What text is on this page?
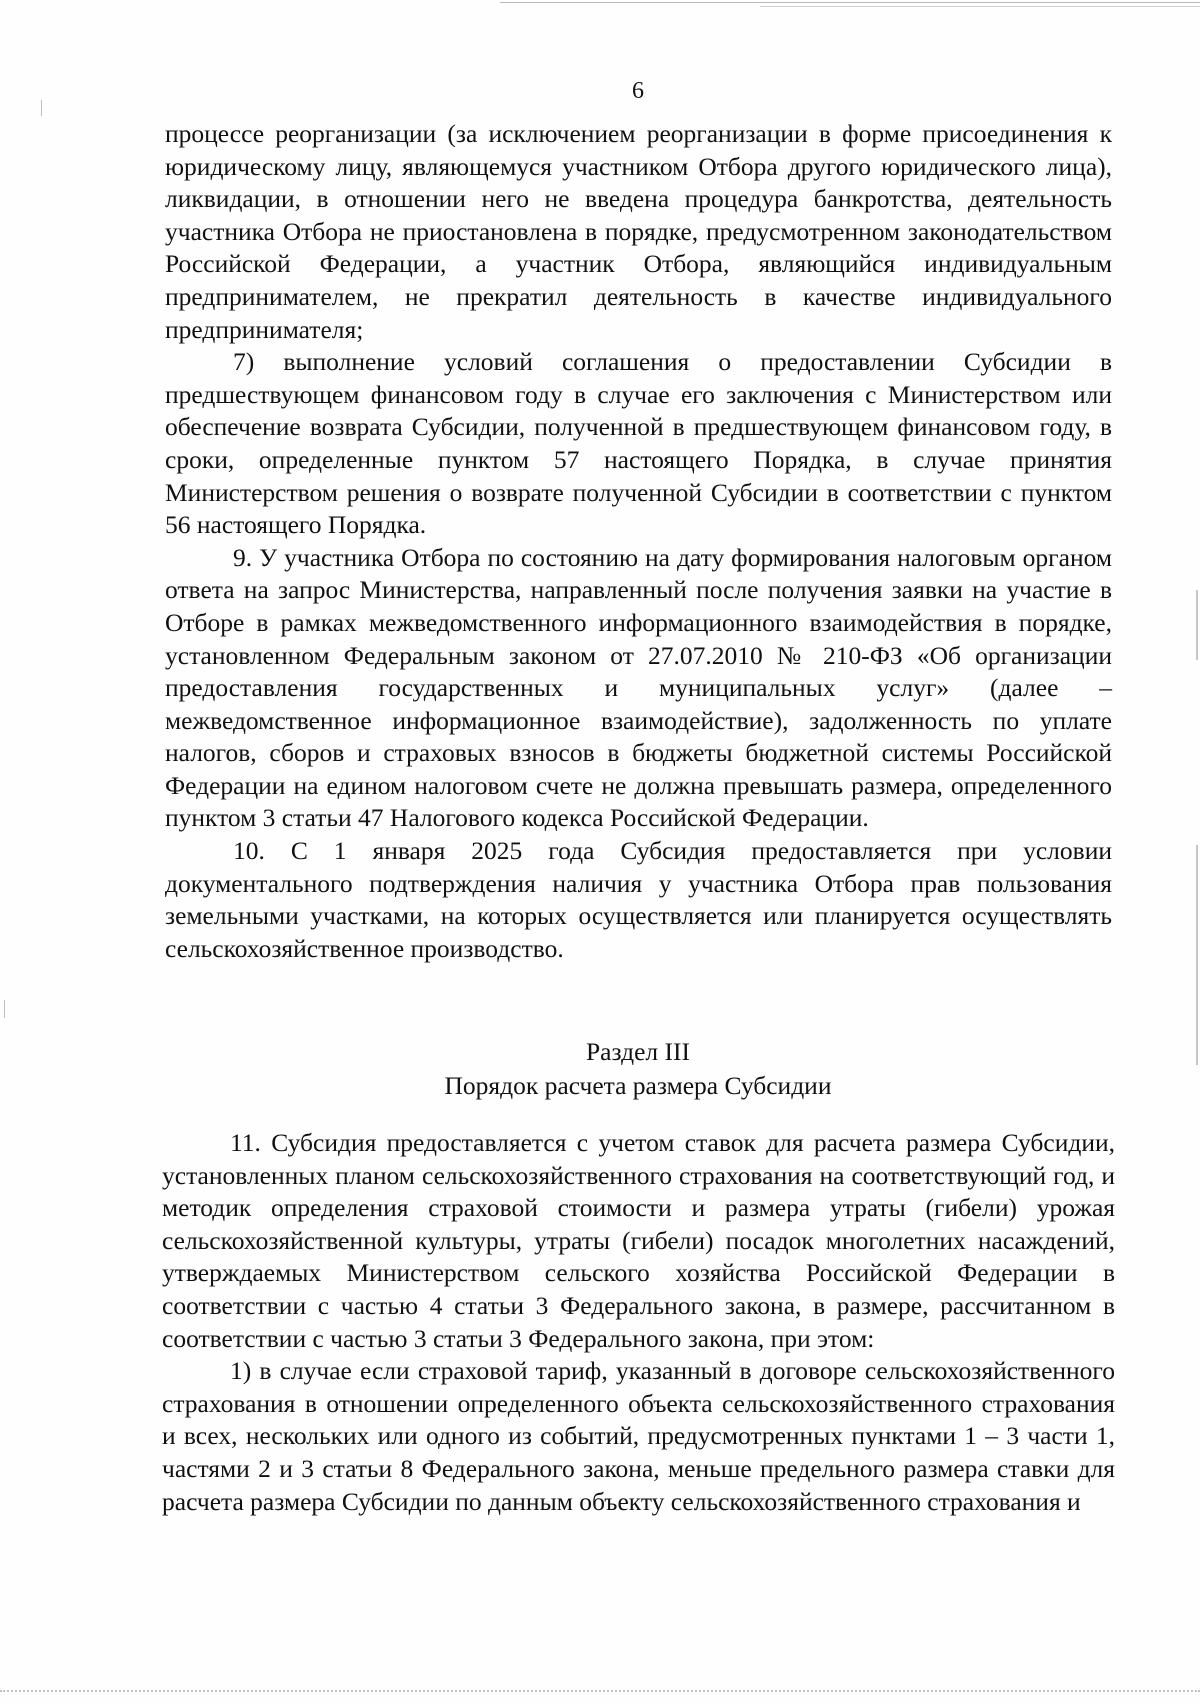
6

процессе реорганизации (за исключением реорганизации в форме присоединения к юридическому лицу, являющемуся участником Отбора другого юридического лица), ликвидации, в отношении него не введена процедура банкротства, деятельность участника Отбора не приостановлена в порядке, предусмотренном законодательством Российской Федерации, а участник Отбора, являющийся индивидуальным предпринимателем, не прекратил деятельность в качестве индивидуального предпринимателя;

7) выполнение условий соглашения о предоставлении Субсидии в предшествующем финансовом году в случае его заключения с Министерством или обеспечение возврата Субсидии, полученной в предшествующем финансовом году, в сроки, определенные пунктом 57 настоящего Порядка, в случае принятия Министерством решения о возврате полученной Субсидии в соответствии с пунктом 56 настоящего Порядка.

9. У участника Отбора по состоянию на дату формирования налоговым органом ответа на запрос Министерства, направленный после получения заявки на участие в Отборе в рамках межведомственного информационного взаимодействия в порядке, установленном Федеральным законом от 27.07.2010 № 210-ФЗ «Об организации предоставления государственных и муниципальных услуг» (далее – межведомственное информационное взаимодействие), задолженность по уплате налогов, сборов и страховых взносов в бюджеты бюджетной системы Российской Федерации на едином налоговом счете не должна превышать размера, определенного пунктом 3 статьи 47 Налогового кодекса Российской Федерации.

10. С 1 января 2025 года Субсидия предоставляется при условии документального подтверждения наличия у участника Отбора прав пользования земельными участками, на которых осуществляется или планируется осуществлять сельскохозяйственное производство.

Раздел III
Порядок расчета размера Субсидии

11. Субсидия предоставляется с учетом ставок для расчета размера Субсидии, установленных планом сельскохозяйственного страхования на соответствующий год, и методик определения страховой стоимости и размера утраты (гибели) урожая сельскохозяйственной культуры, утраты (гибели) посадок многолетних насаждений, утверждаемых Министерством сельского хозяйства Российской Федерации в соответствии с частью 4 статьи 3 Федерального закона, в размере, рассчитанном в соответствии с частью 3 статьи 3 Федерального закона, при этом:

1) в случае если страховой тариф, указанный в договоре сельскохозяйственного страхования в отношении определенного объекта сельскохозяйственного страхования и всех, нескольких или одного из событий, предусмотренных пунктами 1 – 3 части 1, частями 2 и 3 статьи 8 Федерального закона, меньше предельного размера ставки для расчета размера Субсидии по данным объекту сельскохозяйственного страхования и
